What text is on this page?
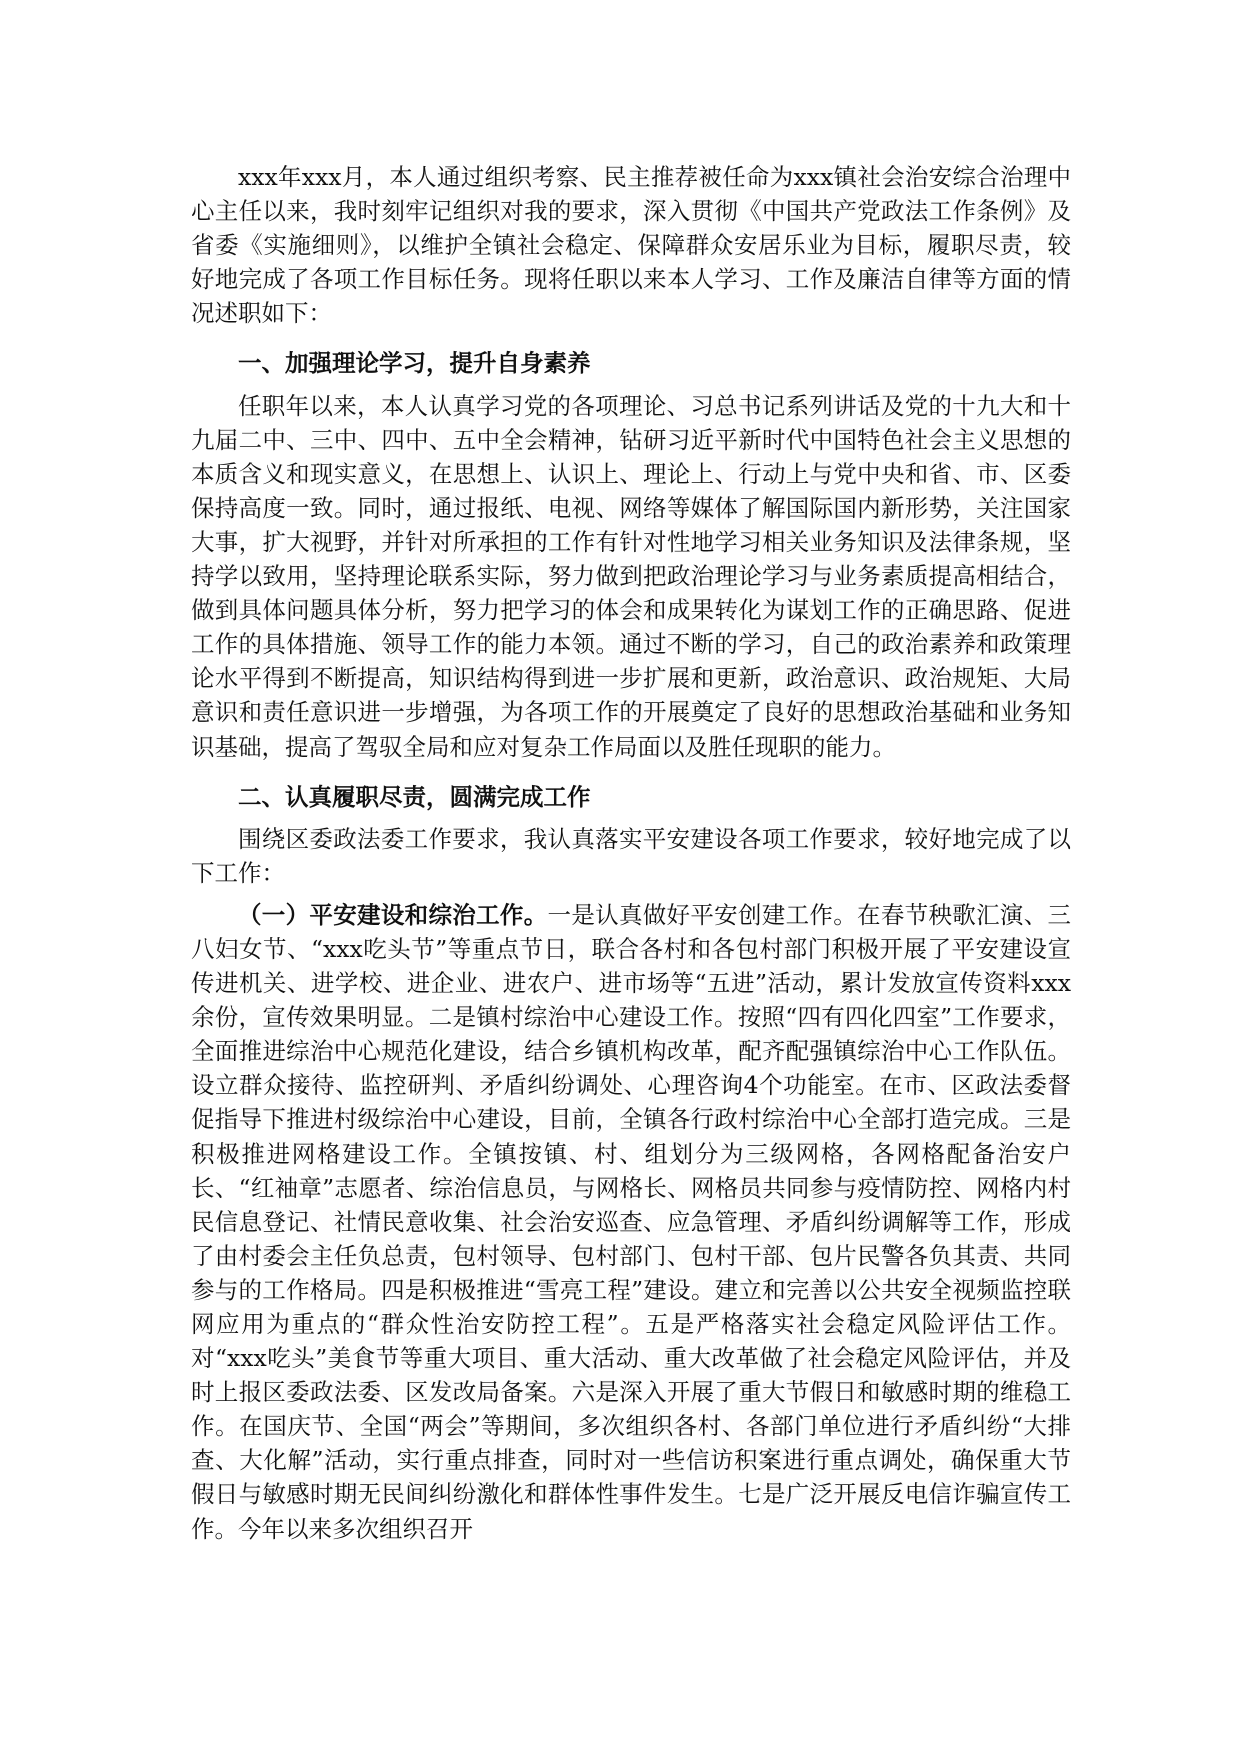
xxx年xxx月，本人通过组织考察、民主推荐被任命为xxx镇社会治安综合治理中心主任以来，我时刻牢记组织对我的要求，深入贯彻《中国共产党政法工作条例》及省委《实施细则》，以维护全镇社会稳定、保障群众安居乐业为目标，履职尽责，较好地完成了各项工作目标任务。现将任职以来本人学习、工作及廉洁自律等方面的情况述职如下：

一、加强理论学习，提升自身素养

任职年以来，本人认真学习党的各项理论、习总书记系列讲话及党的十九大和十九届二中、三中、四中、五中全会精神，钻研习近平新时代中国特色社会主义思想的本质含义和现实意义，在思想上、认识上、理论上、行动上与党中央和省、市、区委保持高度一致。同时，通过报纸、电视、网络等媒体了解国际国内新形势，关注国家大事，扩大视野，并针对所承担的工作有针对性地学习相关业务知识及法律条规，坚持学以致用，坚持理论联系实际，努力做到把政治理论学习与业务素质提高相结合，做到具体问题具体分析，努力把学习的体会和成果转化为谋划工作的正确思路、促进工作的具体措施、领导工作的能力本领。通过不断的学习，自己的政治素养和政策理论水平得到不断提高，知识结构得到进一步扩展和更新，政治意识、政治规矩、大局意识和责任意识进一步增强，为各项工作的开展奠定了良好的思想政治基础和业务知识基础，提高了驾驭全局和应对复杂工作局面以及胜任现职的能力。

二、认真履职尽责，圆满完成工作

围绕区委政法委工作要求，我认真落实平安建设各项工作要求，较好地完成了以下工作：

（一）平安建设和综治工作。一是认真做好平安创建工作。在春节秧歌汇演、三八妇女节、“xxx吃头节”等重点节日，联合各村和各包村部门积极开展了平安建设宣传进机关、进学校、进企业、进农户、进市场等“五进”活动，累计发放宣传资料xxx余份，宣传效果明显。二是镇村综治中心建设工作。按照“四有四化四室”工作要求，全面推进综治中心规范化建设，结合乡镇机构改革，配齐配强镇综治中心工作队伍。设立群众接待、监控研判、矛盾纠纷调处、心理咨询4个功能室。在市、区政法委督促指导下推进村级综治中心建设，目前，全镇各行政村综治中心全部打造完成。三是积极推进网格建设工作。全镇按镇、村、组划分为三级网格，各网格配备治安户长、“红袖章”志愿者、综治信息员，与网格长、网格员共同参与疫情防控、网格内村民信息登记、社情民意收集、社会治安巡查、应急管理、矛盾纠纷调解等工作，形成了由村委会主任负总责，包村领导、包村部门、包村干部、包片民警各负其责、共同参与的工作格局。四是积极推进“雪亮工程”建设。建立和完善以公共安全视频监控联网应用为重点的“群众性治安防控工程”。五是严格落实社会稳定风险评估工作。对“xxx吃头”美食节等重大项目、重大活动、重大改革做了社会稳定风险评估，并及时上报区委政法委、区发改局备案。六是深入开展了重大节假日和敏感时期的维稳工作。在国庆节、全国“两会”等期间，多次组织各村、各部门单位进行矛盾纠纷“大排查、大化解”活动，实行重点排查，同时对一些信访积案进行重点调处，确保重大节假日与敏感时期无民间纠纷激化和群体性事件发生。七是广泛开展反电信诈骗宣传工作。今年以来多次组织召开
